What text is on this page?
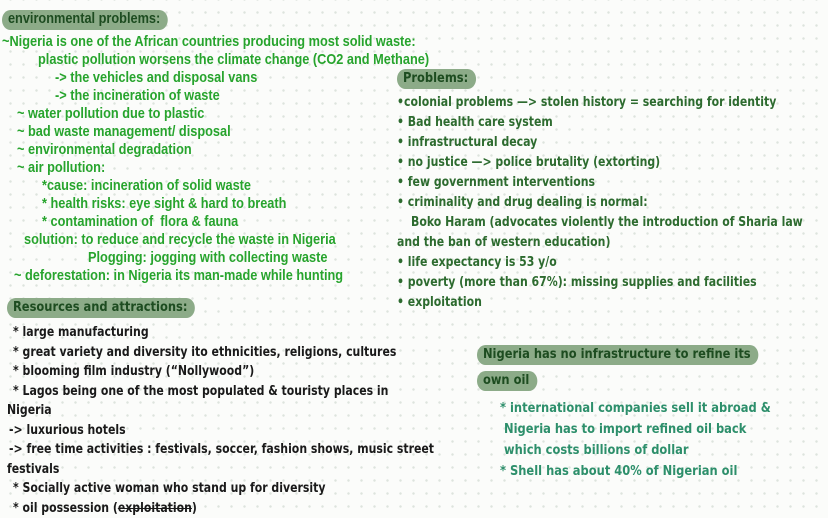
environmental problems:
~Nigeria is one of the African countries producing most solid waste:
plastic pollution worsens the climate change (CO2 and Methane)
-> the vehicles and disposal vans
-> the incineration of waste
~ water pollution due to plastic
~ bad waste management/ disposal
~ environmental degradation
~ air pollution:
*cause: incineration of solid waste
* health risks: eye sight & hard to breath
* contamination of  flora & fauna
solution: to reduce and recycle the waste in Nigeria
Plogging: jogging with collecting waste
~ deforestation: in Nigeria its man-made while hunting
Problems:
•colonial problems —> stolen history = searching for identity
• Bad health care system
• infrastructural decay
• no justice —> police brutality (extorting)
• few government interventions
• criminality and drug dealing is normal:
Boko Haram (advocates violently the introduction of Sharia law
and the ban of western education)
• life expectancy is 53 y/o
• poverty (more than 67%): missing supplies and facilities
• exploitation
Resources and attractions:
* large manufacturing
* great variety and diversity ito ethnicities, religions, cultures
* blooming film industry (“Nollywood”)
* Lagos being one of the most populated & touristy places in
Nigeria
-> luxurious hotels
-> free time activities : festivals, soccer, fashion shows, music street
festivals
* Socially active woman who stand up for diversity
* oil possession (exploitation)
Nigeria has no infrastructure to refine its
own oil
* international companies sell it abroad &
Nigeria has to import refined oil back
which costs billions of dollar
* Shell has about 40% of Nigerian oil
